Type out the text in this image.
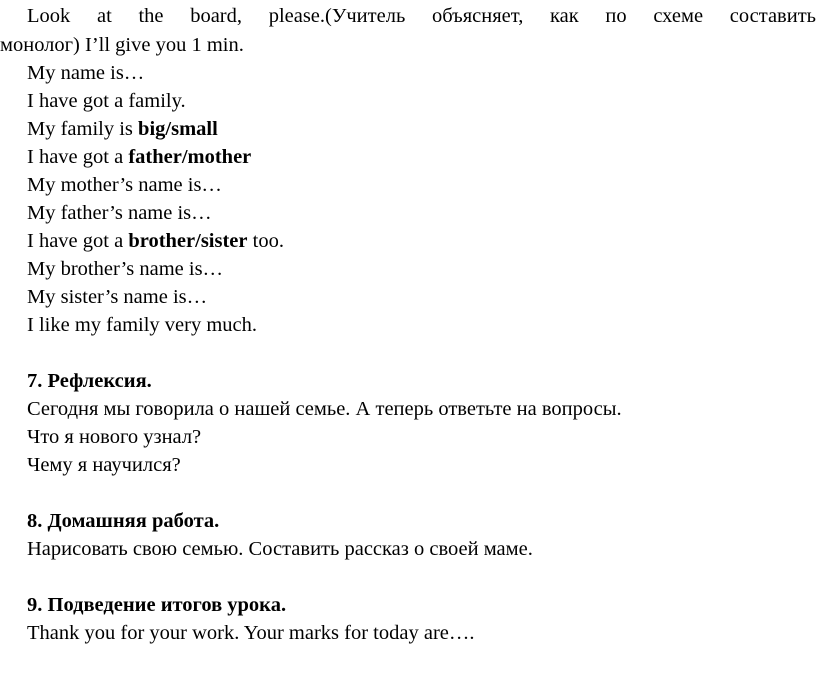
Look at the board, please.(Учитель объясняет, как по схеме составить
монолог) I’ll give you 1 min.
My name is…
I have got a family.
My family is big/small
I have got a father/mother
My mother’s name is…
My father’s name is…
I have got a brother/sister too.
My brother’s name is…
My sister’s name is…
I like my family very much.
7. Рефлексия.
Сегодня мы говорила о нашей семье. А теперь ответьте на вопросы.
Что я нового узнал?
Чему я научился?
8. Домашняя работа.
Нарисовать свою семью. Составить рассказ о своей маме.
9. Подведение итогов урока.
Thank you for your work. Your marks for today are….
